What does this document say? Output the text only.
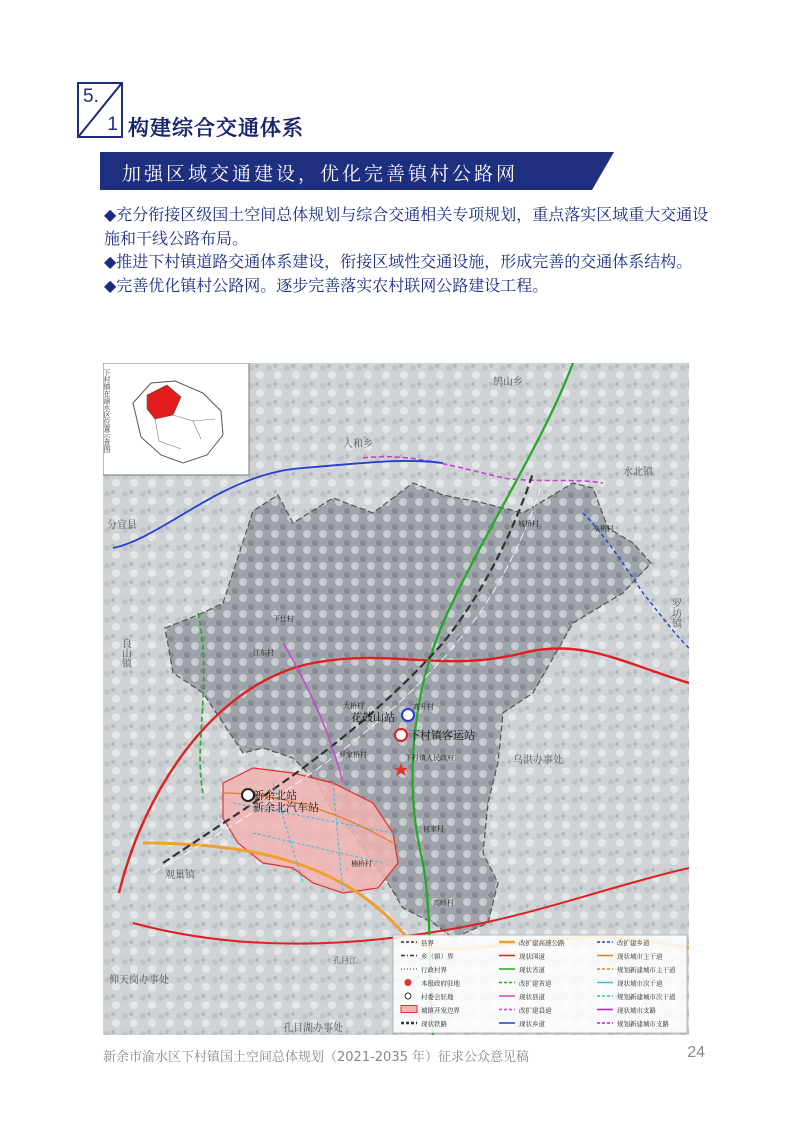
5.
1 构建综合交通体系
加强区域交通建设，优化完善镇村公路网

◆充分衔接区级国土空间总体规划与综合交通相关专项规划，重点落实区域重大交通设施和干线公路布局。

◆推进下村镇道路交通体系建设，衔接区域性交通设施，形成完善的交通体系结构。

◆完善优化镇村公路网。逐步完善落实农村联网公路建设工程。

下村镇在渝水区位置示意图	鹄山乡
人和乡
水北镇
分宜县
良山镇
罗坊镇
乌洪办事处
观巢镇
孔目江
仰天岗办事处
孔目湖办事处
花鼓山站
下村镇客运站
新余北站
新余北汽车站
下村镇人民政府
罗家桥村
大桥村
何家村
楠桥村
城桥村
李桥村
下仕村
江东村
高升村
高岭村
县界
乡（镇）界
行政村界
本级政府驻地
村委会驻地
城镇开发边界
现状铁路
改扩建高速公路
现状国道
现状省道
改扩建省道
现状县道
改扩建县道
现状乡道
改扩建乡道
现状城市主干道
规划新建城市主干道
现状城市次干道
规划新建城市次干道
现状城市支路
规划新建城市支路
新余市渝水区下村镇国土空间总体规划（2021-2035 年）征求公众意见稿	24
